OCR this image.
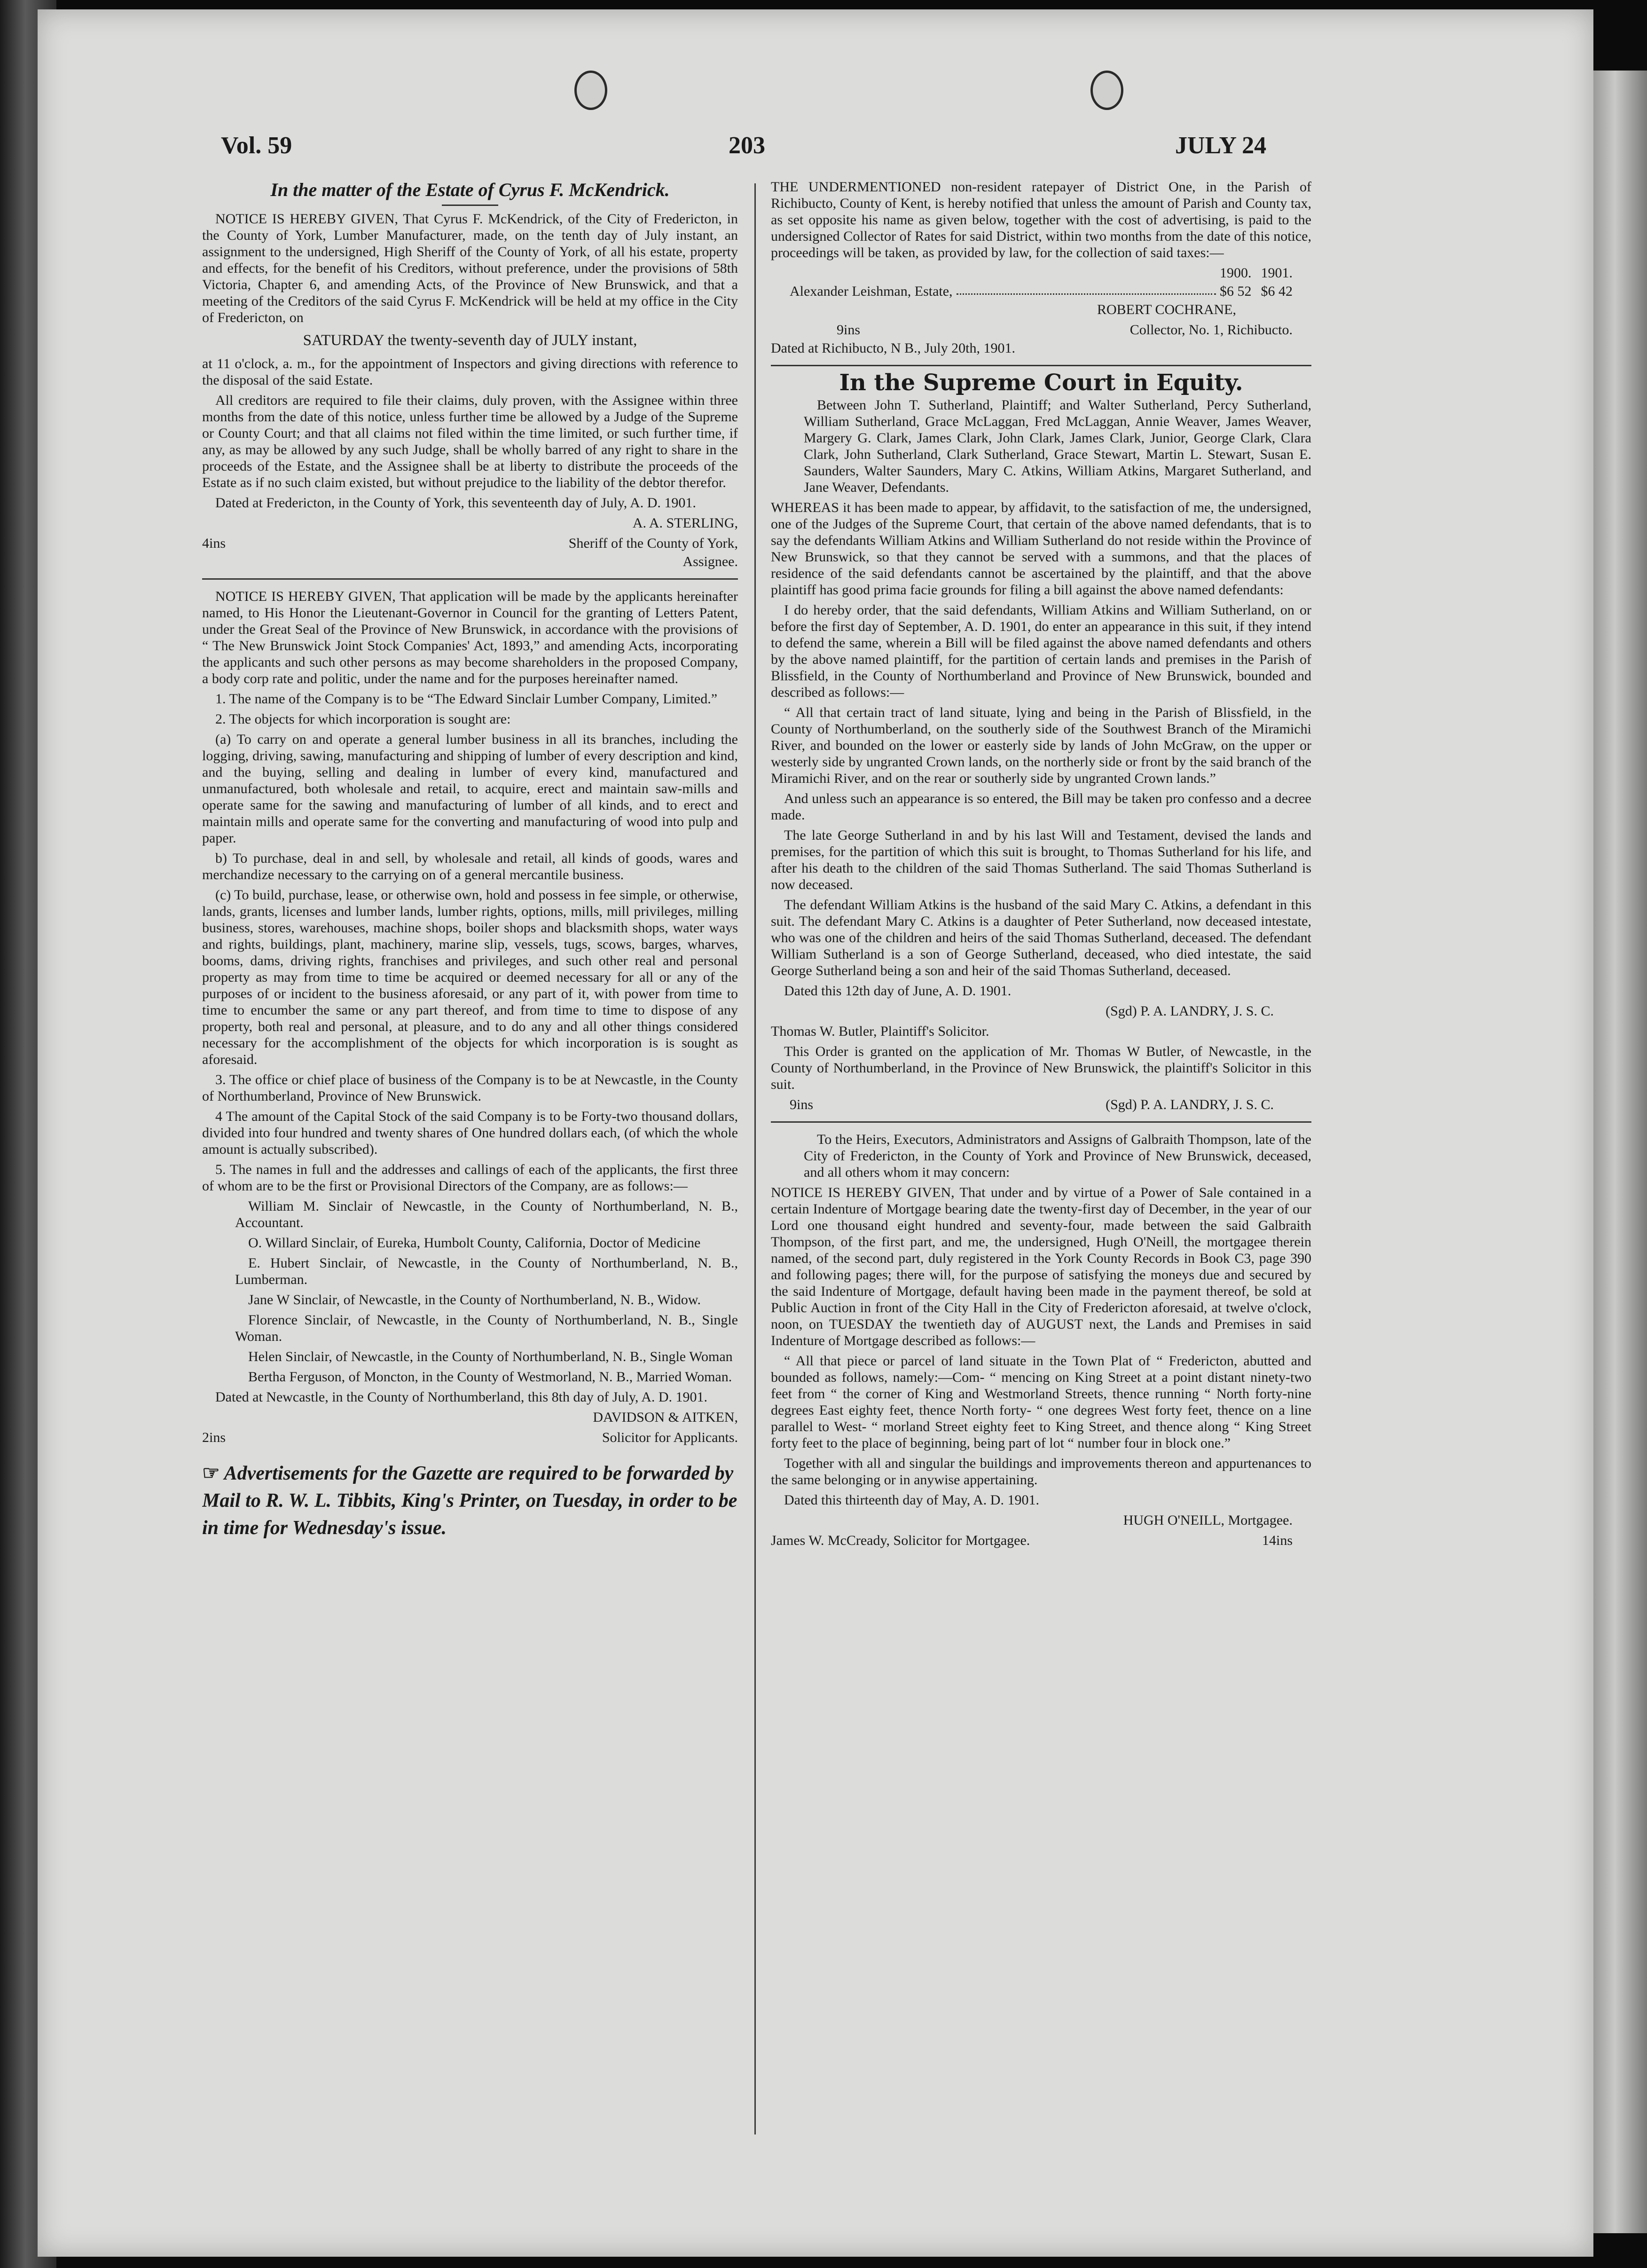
Vol. 59	203	JULY 24
In the matter of the Estate of Cyrus F. McKendrick.

NOTICE IS HEREBY GIVEN, That Cyrus F. McKendrick, of the City of Fredericton, in the County of York, Lumber Manufacturer, made, on the tenth day of July instant, an assignment to the undersigned, High Sheriff of the County of York, of all his estate, property and effects, for the benefit of his Creditors, without preference, under the provisions of 58th Victoria, Chapter 6, and amending Acts, of the Province of New Brunswick, and that a meeting of the Creditors of the said Cyrus F. McKendrick will be held at my office in the City of Fredericton, on

SATURDAY the twenty-seventh day of JULY instant,

at 11 o'clock, a. m., for the appointment of Inspectors and giving directions with reference to the disposal of the said Estate.

All creditors are required to file their claims, duly proven, with the Assignee within three months from the date of this notice, unless further time be allowed by a Judge of the Supreme or County Court; and that all claims not filed within the time limited, or such further time, if any, as may be allowed by any such Judge, shall be wholly barred of any right to share in the proceeds of the Estate, and the Assignee shall be at liberty to distribute the proceeds of the Estate as if no such claim existed, but without prejudice to the liability of the debtor therefor.

Dated at Fredericton, in the County of York, this seventeenth day of July, A. D. 1901.

A. A. STERLING,

4ins	Sheriff of the County of York,

Assignee.

NOTICE IS HEREBY GIVEN, That application will be made by the applicants hereinafter named, to His Honor the Lieutenant-Governor in Council for the granting of Letters Patent, under the Great Seal of the Province of New Brunswick, in accordance with the provisions of “ The New Brunswick Joint Stock Companies' Act, 1893,” and amending Acts, incorporating the applicants and such other persons as may become shareholders in the proposed Company, a body corp rate and politic, under the name and for the purposes hereinafter named.

1. The name of the Company is to be “The Edward Sinclair Lumber Company, Limited.”

2. The objects for which incorporation is sought are:

(a) To carry on and operate a general lumber business in all its branches, including the logging, driving, sawing, manufacturing and shipping of lumber of every description and kind, and the buying, selling and dealing in lumber of every kind, manufactured and unmanufactured, both wholesale and retail, to acquire, erect and maintain saw-mills and operate same for the sawing and manufacturing of lumber of all kinds, and to erect and maintain mills and operate same for the converting and manufacturing of wood into pulp and paper.

b) To purchase, deal in and sell, by wholesale and retail, all kinds of goods, wares and merchandize necessary to the carrying on of a general mercantile business.

(c) To build, purchase, lease, or otherwise own, hold and possess in fee simple, or otherwise, lands, grants, licenses and lumber lands, lumber rights, options, mills, mill privileges, milling business, stores, warehouses, machine shops, boiler shops and blacksmith shops, water ways and rights, buildings, plant, machinery, marine slip, vessels, tugs, scows, barges, wharves, booms, dams, driving rights, franchises and privileges, and such other real and personal property as may from time to time be acquired or deemed necessary for all or any of the purposes of or incident to the business aforesaid, or any part of it, with power from time to time to encumber the same or any part thereof, and from time to time to dispose of any property, both real and personal, at pleasure, and to do any and all other things considered necessary for the accomplishment of the objects for which incorporation is is sought as aforesaid.

3. The office or chief place of business of the Company is to be at Newcastle, in the County of Northumberland, Province of New Brunswick.

4 The amount of the Capital Stock of the said Company is to be Forty-two thousand dollars, divided into four hundred and twenty shares of One hundred dollars each, (of which the whole amount is actually subscribed).

5. The names in full and the addresses and callings of each of the applicants, the first three of whom are to be the first or Provisional Directors of the Company, are as follows:—

William M. Sinclair of Newcastle, in the County of Northumberland, N. B., Accountant.

O. Willard Sinclair, of Eureka, Humbolt County, California, Doctor of Medicine

E. Hubert Sinclair, of Newcastle, in the County of Northumberland, N. B., Lumberman.

Jane W Sinclair, of Newcastle, in the County of Northumberland, N. B., Widow.

Florence Sinclair, of Newcastle, in the County of Northumberland, N. B., Single Woman.

Helen Sinclair, of Newcastle, in the County of Northumberland, N. B., Single Woman

Bertha Ferguson, of Moncton, in the County of Westmorland, N. B., Married Woman.

Dated at Newcastle, in the County of Northumberland, this 8th day of July, A. D. 1901.

DAVIDSON & AITKEN,

2ins	Solicitor for Applicants.
☞ Advertisements for the Gazette are required to be forwarded by Mail to R. W. L. Tibbits, King's Printer, on Tuesday, in order to be in time for Wednesday's issue.

THE UNDERMENTIONED non-resident ratepayer of District One, in the Parish of Richibucto, County of Kent, is hereby notified that unless the amount of Parish and County tax, as set opposite his name as given below, together with the cost of advertising, is paid to the undersigned Collector of Rates for said District, within two months from the date of this notice, proceedings will be taken, as provided by law, for the collection of said taxes:—

1900. 1901.
Alexander Leishman, Estate,	$6 52 $6 42

ROBERT COCHRANE,

9ins	Collector, No. 1, Richibucto.

Dated at Richibucto, N B., July 20th, 1901.

In the Supreme Court in Equity.

Between John T. Sutherland, Plaintiff; and Walter Sutherland, Percy Sutherland, William Sutherland, Grace McLaggan, Fred McLaggan, Annie Weaver, James Weaver, Margery G. Clark, James Clark, John Clark, James Clark, Junior, George Clark, Clara Clark, John Sutherland, Clark Sutherland, Grace Stewart, Martin L. Stewart, Susan E. Saunders, Walter Saunders, Mary C. Atkins, William Atkins, Margaret Sutherland, and Jane Weaver, Defendants.

WHEREAS it has been made to appear, by affidavit, to the satisfaction of me, the undersigned, one of the Judges of the Supreme Court, that certain of the above named defendants, that is to say the defendants William Atkins and William Sutherland do not reside within the Province of New Brunswick, so that they cannot be served with a summons, and that the places of residence of the said defendants cannot be ascertained by the plaintiff, and that the above plaintiff has good prima facie grounds for filing a bill against the above named defendants:

I do hereby order, that the said defendants, William Atkins and William Sutherland, on or before the first day of September, A. D. 1901, do enter an appearance in this suit, if they intend to defend the same, wherein a Bill will be filed against the above named defendants and others by the above named plaintiff, for the partition of certain lands and premises in the Parish of Blissfield, in the County of Northumberland and Province of New Brunswick, bounded and described as follows:—

“ All that certain tract of land situate, lying and being in the Parish of Blissfield, in the County of Northumberland, on the southerly side of the Southwest Branch of the Miramichi River, and bounded on the lower or easterly side by lands of John McGraw, on the upper or westerly side by ungranted Crown lands, on the northerly side or front by the said branch of the Miramichi River, and on the rear or southerly side by ungranted Crown lands.”

And unless such an appearance is so entered, the Bill may be taken pro confesso and a decree made.

The late George Sutherland in and by his last Will and Testament, devised the lands and premises, for the partition of which this suit is brought, to Thomas Sutherland for his life, and after his death to the children of the said Thomas Sutherland. The said Thomas Sutherland is now deceased.

The defendant William Atkins is the husband of the said Mary C. Atkins, a defendant in this suit. The defendant Mary C. Atkins is a daughter of Peter Sutherland, now deceased intestate, who was one of the children and heirs of the said Thomas Sutherland, deceased. The defendant William Sutherland is a son of George Sutherland, deceased, who died intestate, the said George Sutherland being a son and heir of the said Thomas Sutherland, deceased.

Dated this 12th day of June, A. D. 1901.

(Sgd) P. A. LANDRY, J. S. C.

Thomas W. Butler, Plaintiff's Solicitor.

This Order is granted on the application of Mr. Thomas W Butler, of Newcastle, in the County of Northumberland, in the Province of New Brunswick, the plaintiff's Solicitor in this suit.

9ins	(Sgd) P. A. LANDRY, J. S. C.

To the Heirs, Executors, Administrators and Assigns of Galbraith Thompson, late of the City of Fredericton, in the County of York and Province of New Brunswick, deceased, and all others whom it may concern:

NOTICE IS HEREBY GIVEN, That under and by virtue of a Power of Sale contained in a certain Indenture of Mortgage bearing date the twenty-first day of December, in the year of our Lord one thousand eight hundred and seventy-four, made between the said Galbraith Thompson, of the first part, and me, the undersigned, Hugh O'Neill, the mortgagee therein named, of the second part, duly registered in the York County Records in Book C3, page 390 and following pages; there will, for the purpose of satisfying the moneys due and secured by the said Indenture of Mortgage, default having been made in the payment thereof, be sold at Public Auction in front of the City Hall in the City of Fredericton aforesaid, at twelve o'clock, noon, on TUESDAY the twentieth day of AUGUST next, the Lands and Premises in said Indenture of Mortgage described as follows:—

“ All that piece or parcel of land situate in the Town Plat of “ Fredericton, abutted and bounded as follows, namely:—Com- “ mencing on King Street at a point distant ninety-two feet from “ the corner of King and Westmorland Streets, thence running “ North forty-nine degrees East eighty feet, thence North forty- “ one degrees West forty feet, thence on a line parallel to West- “ morland Street eighty feet to King Street, and thence along “ King Street forty feet to the place of beginning, being part of lot “ number four in block one.”

Together with all and singular the buildings and improvements thereon and appurtenances to the same belonging or in anywise appertaining.

Dated this thirteenth day of May, A. D. 1901.

HUGH O'NEILL, Mortgagee.

James W. McCready, Solicitor for Mortgagee.	14ins
